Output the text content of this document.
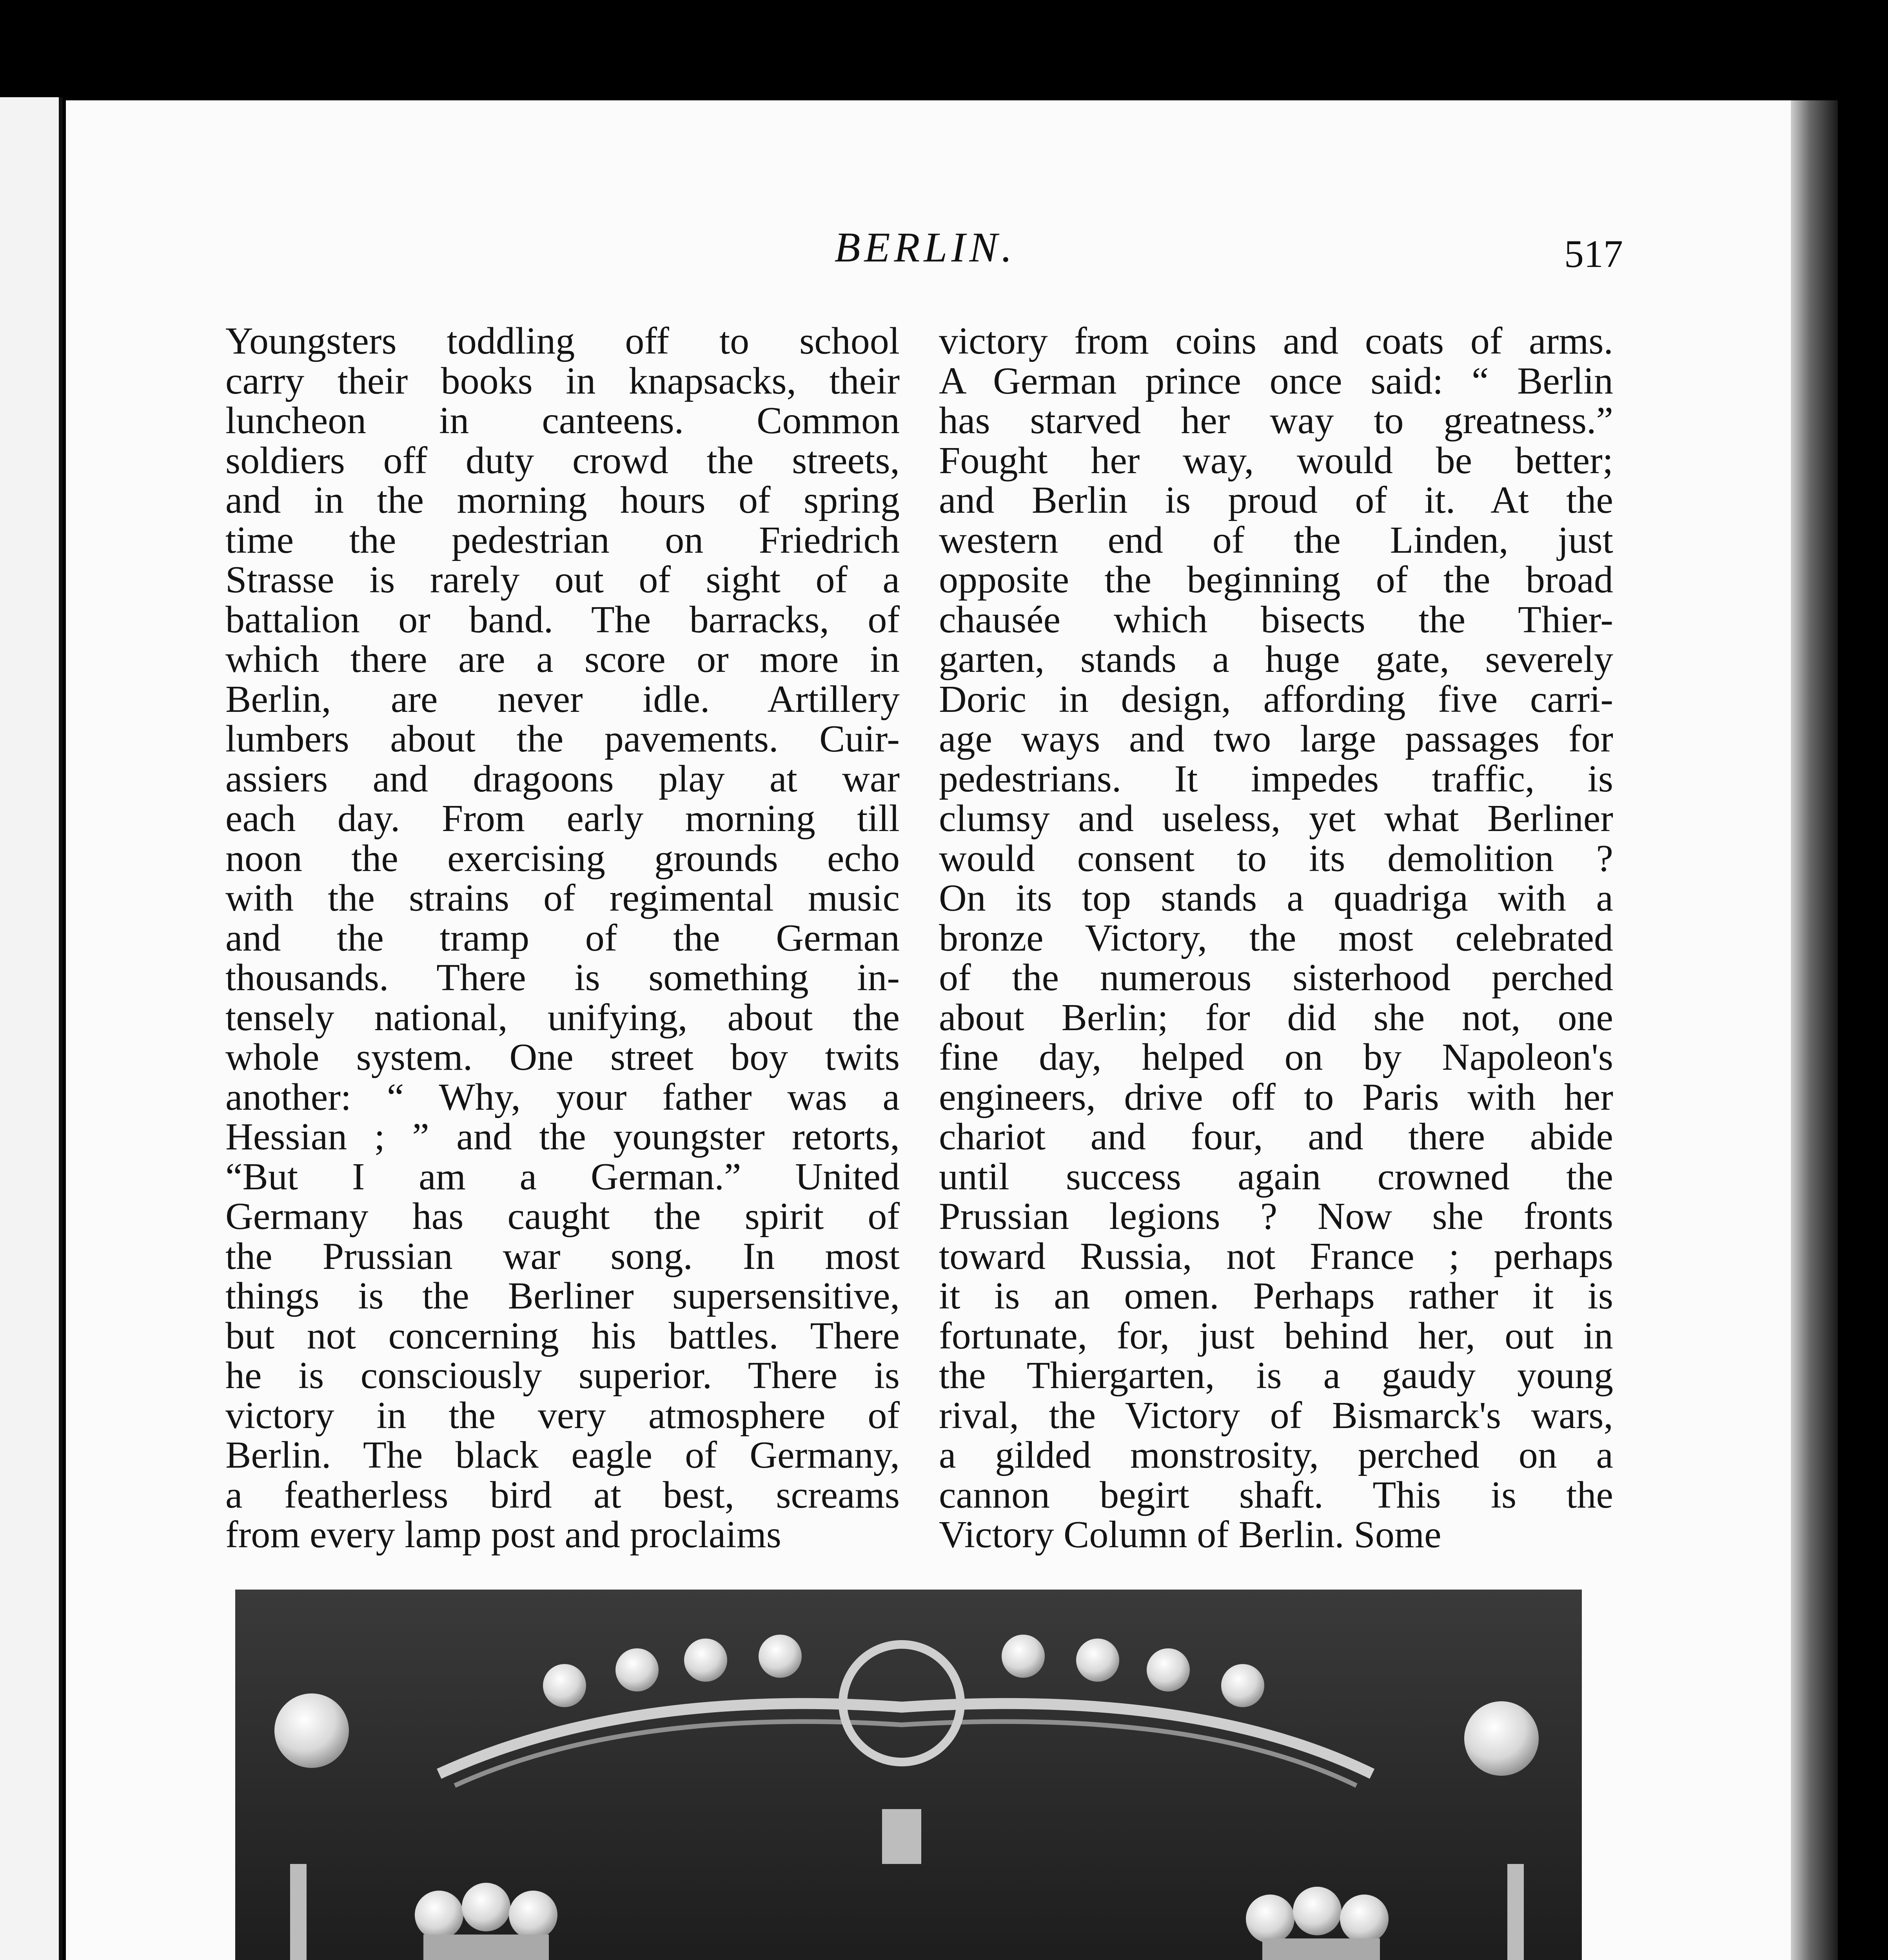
BERLIN.	517
Youngsters toddling off to school
carry their books in knapsacks, their
luncheon in canteens. Common
soldiers off duty crowd the streets,
and in the morning hours of spring
time the pedestrian on Friedrich
Strasse is rarely out of sight of a
battalion or band. The barracks, of
which there are a score or more in
Berlin, are never idle. Artillery
lumbers about the pavements. Cuir-
assiers and dragoons play at war
each day. From early morning till
noon the exercising grounds echo
with the strains of regimental music
and the tramp of the German
thousands. There is something in-
tensely national, unifying, about the
whole system. One street boy twits
another: “ Why, your father was a
Hessian ; ” and the youngster retorts,
“But I am a German.” United
Germany has caught the spirit of
the Prussian war song. In most
things is the Berliner supersensitive,
but not concerning his battles. There
he is consciously superior. There is
victory in the very atmosphere of
Berlin. The black eagle of Germany,
a featherless bird at best, screams
from every lamp post and proclaims
victory from coins and coats of arms.
A German prince once said: “ Berlin
has starved her way to greatness.”
Fought her way, would be better;
and Berlin is proud of it. At the
western end of the Linden, just
opposite the beginning of the broad
chausée which bisects the Thier-
garten, stands a huge gate, severely
Doric in design, affording five carri-
age ways and two large passages for
pedestrians. It impedes traffic, is
clumsy and useless, yet what Berliner
would consent to its demolition ?
On its top stands a quadriga with a
bronze Victory, the most celebrated
of the numerous sisterhood perched
about Berlin; for did she not, one
fine day, helped on by Napoleon's
engineers, drive off to Paris with her
chariot and four, and there abide
until success again crowned the
Prussian legions ? Now she fronts
toward Russia, not France ; perhaps
it is an omen. Perhaps rather it is
fortunate, for, just behind her, out in
the Thiergarten, is a gaudy young
rival, the Victory of Bismarck's wars,
a gilded monstrosity, perched on a
cannon begirt shaft. This is the
Victory Column of Berlin. Some
